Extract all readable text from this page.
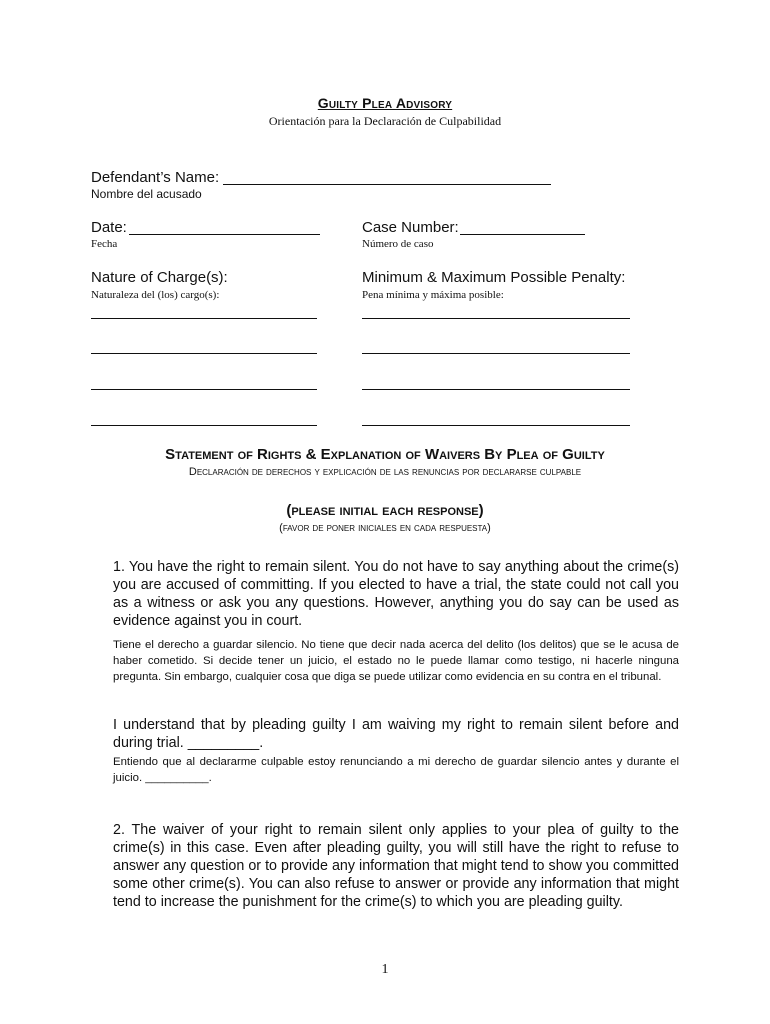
Guilty Plea Advisory
Orientación para la Declaración de Culpabilidad
Defendant’s Name:
Nombre del acusado
Date:
Fecha
Case Number:
Número de caso
Nature of Charge(s):
Naturaleza del (los) cargo(s):
Minimum & Maximum Possible Penalty:
Pena mínima y máxima posible:
Statement of Rights & Explanation of Waivers By Plea of Guilty
Declaración de derechos y explicación de las renuncias por declararse culpable
(please initial each response)
(favor de poner iniciales en cada respuesta)
1. You have the right to remain silent. You do not have to say anything about the crime(s) you are accused of committing. If you elected to have a trial, the state could not call you as a witness or ask you any questions. However, anything you do say can be used as evidence against you in court.
Tiene el derecho a guardar silencio. No tiene que decir nada acerca del delito (los delitos) que se le acusa de haber cometido. Si decide tener un juicio, el estado no le puede llamar como testigo, ni hacerle ninguna pregunta. Sin embargo, cualquier cosa que diga se puede utilizar como evidencia en su contra en el tribunal.
I understand that by pleading guilty I am waiving my right to remain silent before and during trial. _________.
Entiendo que al declararme culpable estoy renunciando a mi derecho de guardar silencio antes y durante el juicio. __________.
2. The waiver of your right to remain silent only applies to your plea of guilty to the crime(s) in this case. Even after pleading guilty, you will still have the right to refuse to answer any question or to provide any information that might tend to show you committed some other crime(s). You can also refuse to answer or provide any information that might tend to increase the punishment for the crime(s) to which you are pleading guilty.
1
